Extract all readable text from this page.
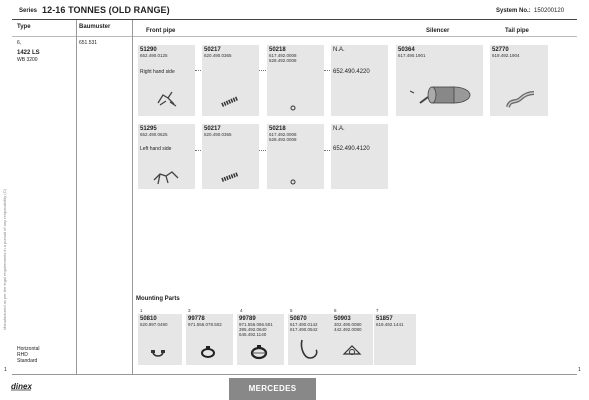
Series 12-16 TONNES (OLD RANGE)	System No.: 150200120
Manufactured as per the legal requirements in a pursuit of any responsibility (C)
Type	Baumuster
6,
1422 LS
WB 3200
651.531
Horizontal
RHD
Standard
Front pipe	Silencer	Tail pipe
51290
652.490.0125
Right hand side
50217
620.490.0365
50218
617.492.0008
628.492.0008
N.A.
652.490.4220
50364
617.490.1901
52770
619.492.1904
51295
652.490.0625
Left hand side
50217
620.490.0365
50218
617.492.0008
628.492.0008
N.A.
652.490.4120
Mounting Parts
1
50810
620.997.0490
3
99778
971.556.078.502
4
99789
971.556.066.501
395.492.0640
645.492.1140
5
50870
617.490.0142
617.490.0542
6
50903
302.490.0080
442.492.0080
7
51857
619.492.1441
1	1
dinex	MERCEDES
